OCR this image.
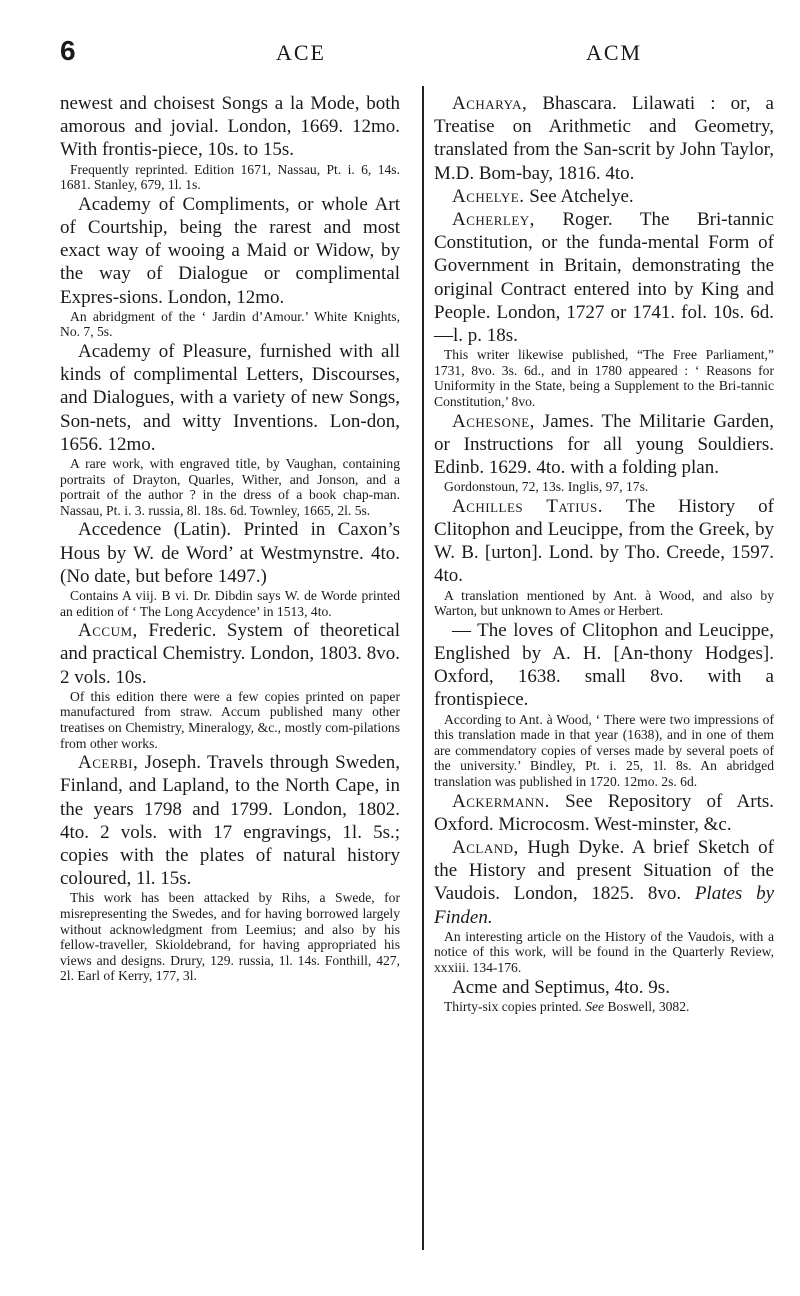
6	ACE	ACM

newest and choisest Songs a la Mode, both amorous and jovial. London, 1669. 12mo. With frontis-piece, 10s. to 15s.

Frequently reprinted. Edition 1671, Nassau, Pt. i. 6, 14s. 1681. Stanley, 679, 1l. 1s.

Academy of Compliments, or whole Art of Courtship, being the rarest and most exact way of wooing a Maid or Widow, by the way of Dialogue or complimental Expres-sions. London, 12mo.

An abridgment of the ‘ Jardin d’Amour.’ White Knights, No. 7, 5s.

Academy of Pleasure, furnished with all kinds of complimental Letters, Discourses, and Dialogues, with a variety of new Songs, Son-nets, and witty Inventions. Lon-don, 1656. 12mo.

A rare work, with engraved title, by Vaughan, containing portraits of Drayton, Quarles, Wither, and Jonson, and a portrait of the author ? in the dress of a book chap-man. Nassau, Pt. i. 3. russia, 8l. 18s. 6d. Townley, 1665, 2l. 5s.

Accedence (Latin). Printed in Caxon’s Hous by W. de Word’ at Westmynstre. 4to. (No date, but before 1497.)

Contains A viij. B vi. Dr. Dibdin says W. de Worde printed an edition of ‘ The Long Accydence’ in 1513, 4to.

Accum, Frederic. System of theoretical and practical Chemistry. London, 1803. 8vo. 2 vols. 10s.

Of this edition there were a few copies printed on paper manufactured from straw. Accum published many other treatises on Chemistry, Mineralogy, &c., mostly com-pilations from other works.

Acerbi, Joseph. Travels through Sweden, Finland, and Lapland, to the North Cape, in the years 1798 and 1799. London, 1802. 4to. 2 vols. with 17 engravings, 1l. 5s.; copies with the plates of natural history coloured, 1l. 15s.

This work has been attacked by Rihs, a Swede, for misrepresenting the Swedes, and for having borrowed largely without acknowledgment from Leemius; and also by his fellow-traveller, Skioldebrand, for having appropriated his views and designs. Drury, 129. russia, 1l. 14s. Fonthill, 427, 2l. Earl of Kerry, 177, 3l.

Acharya, Bhascara. Lilawati : or, a Treatise on Arithmetic and Geometry, translated from the San-scrit by John Taylor, M.D. Bom-bay, 1816. 4to.

Achelye. See Atchelye.

Acherley, Roger. The Bri-tannic Constitution, or the funda-mental Form of Government in Britain, demonstrating the original Contract entered into by King and People. London, 1727 or 1741. fol. 10s. 6d.—l. p. 18s.

This writer likewise published, “The Free Parliament,” 1731, 8vo. 3s. 6d., and in 1780 appeared : ‘ Reasons for Uniformity in the State, being a Supplement to the Bri-tannic Constitution,’ 8vo.

Achesone, James. The Militarie Garden, or Instructions for all young Souldiers. Edinb. 1629. 4to. with a folding plan.

Gordonstoun, 72, 13s. Inglis, 97, 17s.

Achilles Tatius. The History of Clitophon and Leucippe, from the Greek, by W. B. [urton]. Lond. by Tho. Creede, 1597. 4to.

A translation mentioned by Ant. à Wood, and also by Warton, but unknown to Ames or Herbert.

— The loves of Clitophon and Leucippe, Englished by A. H. [An-thony Hodges]. Oxford, 1638. small 8vo. with a frontispiece.

According to Ant. à Wood, ‘ There were two impressions of this translation made in that year (1638), and in one of them are commendatory copies of verses made by several poets of the university.’ Bindley, Pt. i. 25, 1l. 8s. An abridged translation was published in 1720. 12mo. 2s. 6d.

Ackermann. See Repository of Arts. Oxford. Microcosm. West-minster, &c.

Acland, Hugh Dyke. A brief Sketch of the History and present Situation of the Vaudois. London, 1825. 8vo. Plates by Finden.

An interesting article on the History of the Vaudois, with a notice of this work, will be found in the Quarterly Review, xxxiii. 134-176.

Acme and Septimus, 4to. 9s.

Thirty-six copies printed. See Boswell, 3082.
